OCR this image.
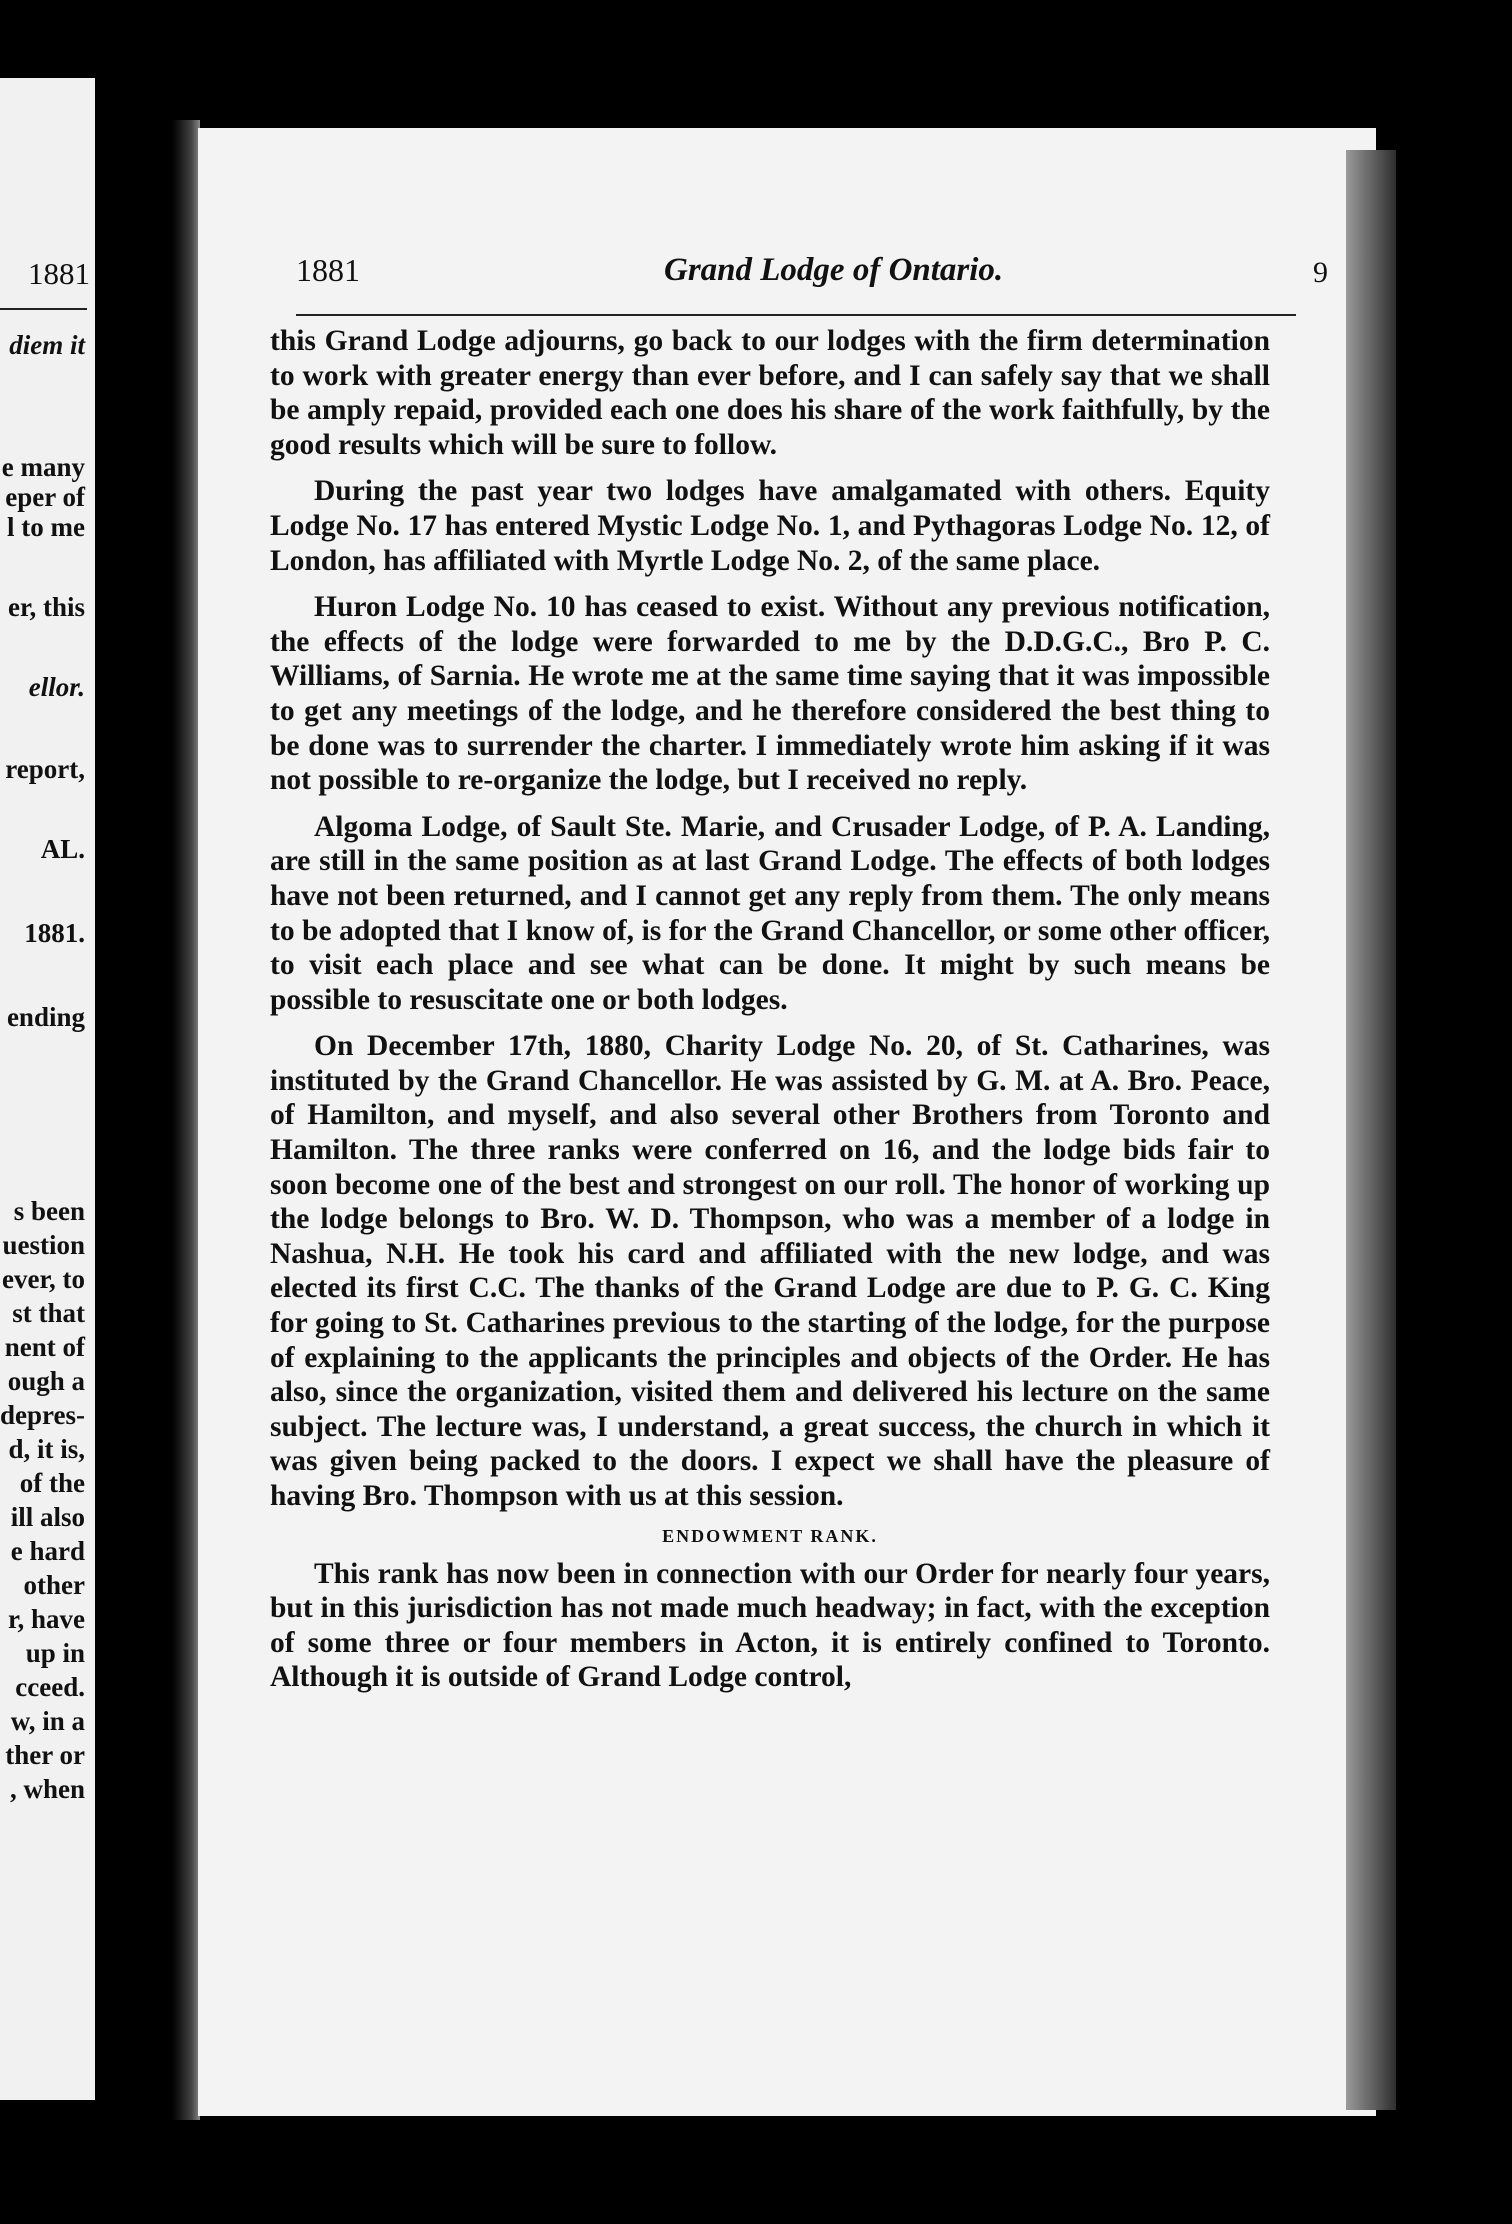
1881
diem it
e many
eper of
l to me
er, this
ellor.
report,
AL.
1881.
ending
s been
uestion
ever, to
st that
nent of
ough a
depres-
d, it is,
of the
ill also
e hard
other
r, have
up in
cceed.
w, in a
ther or
, when
1881	Grand Lodge of Ontario.	9

this Grand Lodge adjourns, go back to our lodges with the firm determination to work with greater energy than ever before, and I can safely say that we shall be amply repaid, provided each one does his share of the work faithfully, by the good results which will be sure to follow.

During the past year two lodges have amalgamated with others. Equity Lodge No. 17 has entered Mystic Lodge No. 1, and Pythagoras Lodge No. 12, of London, has affiliated with Myrtle Lodge No. 2, of the same place.

Huron Lodge No. 10 has ceased to exist. Without any previous notification, the effects of the lodge were forwarded to me by the D.D.G.C., Bro P. C. Williams, of Sarnia. He wrote me at the same time saying that it was impossible to get any meetings of the lodge, and he therefore considered the best thing to be done was to surrender the charter. I immediately wrote him asking if it was not possible to re-organize the lodge, but I received no reply.

Algoma Lodge, of Sault Ste. Marie, and Crusader Lodge, of P. A. Landing, are still in the same position as at last Grand Lodge. The effects of both lodges have not been returned, and I cannot get any reply from them. The only means to be adopted that I know of, is for the Grand Chancellor, or some other officer, to visit each place and see what can be done. It might by such means be possible to resuscitate one or both lodges.

On December 17th, 1880, Charity Lodge No. 20, of St. Catharines, was instituted by the Grand Chancellor. He was assisted by G. M. at A. Bro. Peace, of Hamilton, and myself, and also several other Brothers from Toronto and Hamilton. The three ranks were conferred on 16, and the lodge bids fair to soon become one of the best and strongest on our roll. The honor of working up the lodge belongs to Bro. W. D. Thompson, who was a member of a lodge in Nashua, N.H. He took his card and affiliated with the new lodge, and was elected its first C.C. The thanks of the Grand Lodge are due to P. G. C. King for going to St. Catharines previous to the starting of the lodge, for the purpose of explaining to the applicants the principles and objects of the Order. He has also, since the organization, visited them and delivered his lecture on the same subject. The lecture was, I understand, a great success, the church in which it was given being packed to the doors. I expect we shall have the pleasure of having Bro. Thompson with us at this session.

ENDOWMENT RANK.

This rank has now been in connection with our Order for nearly four years, but in this jurisdiction has not made much headway; in fact, with the exception of some three or four members in Acton, it is entirely confined to Toronto. Although it is outside of Grand Lodge control,
